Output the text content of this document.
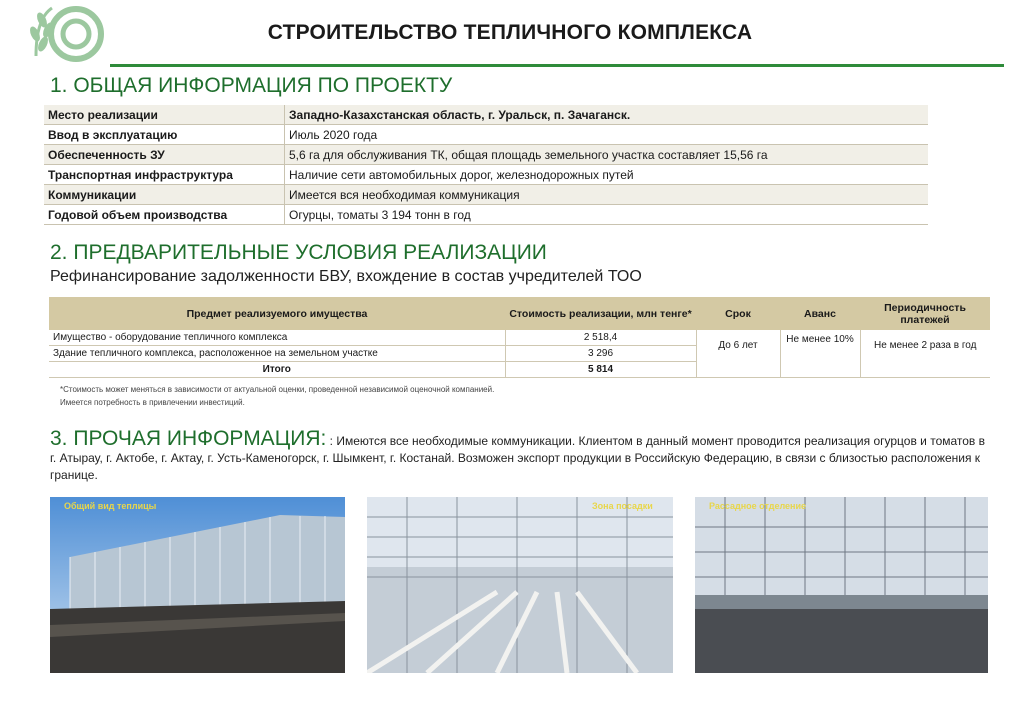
СТРОИТЕЛЬСТВО ТЕПЛИЧНОГО КОМПЛЕКСА
1. ОБЩАЯ ИНФОРМАЦИЯ ПО ПРОЕКТУ
Место реализации	Западно-Казахстанская область, г. Уральск, п. Зачаганск.
Ввод в эксплуатацию	Июль 2020 года
Обеспеченность ЗУ	5,6 га для обслуживания ТК, общая площадь земельного участка составляет 15,56 га
Транспортная инфраструктура	Наличие сети автомобильных дорог, железнодорожных путей
Коммуникации	Имеется вся необходимая коммуникация
Годовой объем производства	Огурцы, томаты 3 194 тонн в год
2. ПРЕДВАРИТЕЛЬНЫЕ УСЛОВИЯ РЕАЛИЗАЦИИ
Рефинансирование задолженности БВУ, вхождение в состав учредителей ТОО
Предмет реализуемого имущества	Стоимость реализации, млн тенге*	Срок	Аванс	Периодичность платежей
Имущество - оборудование тепличного комплекса	2 518,4	До 6 лет	Не менее 10%	Не менее 2 раза в год
Здание тепличного комплекса, расположенное на земельном участке	3 296			
Итого	5 814			
*Стоимость может меняться в зависимости от актуальной оценки, проведенной независимой оценочной компанией.
Имеется потребность в привлечении инвестиций.
3. ПРОЧАЯ ИНФОРМАЦИЯ: : Имеются все необходимые коммуникации. Клиентом в данный момент проводится реализация огурцов и томатов в г. Атырау, г. Актобе, г. Актау, г. Усть-Каменогорск, г. Шымкент, г. Костанай. Возможен экспорт продукции в Российскую Федерацию, в связи с близостью расположения к границе.
Общий вид теплицы	Зона посадки	Рассадное отделение
